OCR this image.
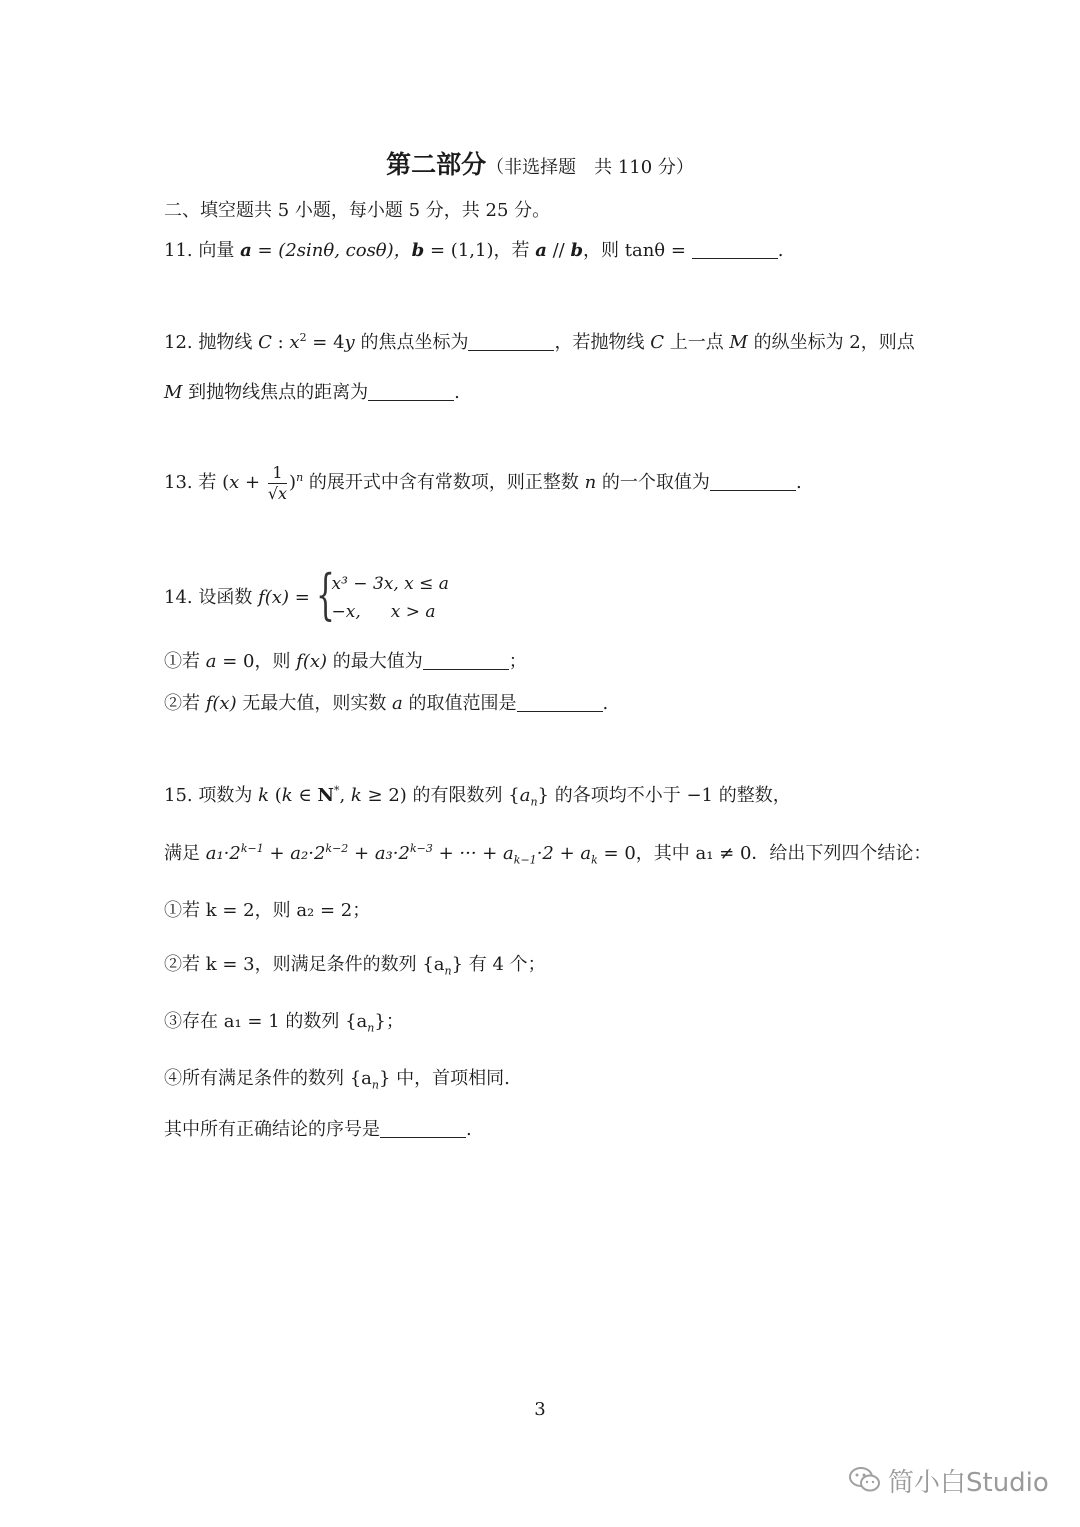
第二部分（非选择题　共 110 分）
二、填空题共 5 小题，每小题 5 分，共 25 分。
11. 向量 a = (2sinθ, cosθ)，b = (1,1)，若 a // b，则 tanθ =	.
12. 抛物线 C : $x^2 = 4y$ 的焦点坐标为	，若抛物线 C 上一点 M 的纵坐标为 2，则点
M 到抛物线焦点的距离为	.
13. 若 $(x + \frac{1}{√x} )^n$ 的展开式中含有常数项，则正整数 n 的一个取值为	.
14. 设函数 f(x) = {
x³ − 3x, x ≤ a
−x, x > a
①若 a = 0，则 f(x) 的最大值为	；
②若 f(x) 无最大值，则实数 a 的取值范围是	.
15. 项数为 k (k ∈ N*, k ≥ 2) 的有限数列 $\{a_n\}$ 的各项均不小于 −1 的整数，
满足 $a_1\cdot 2^{k-1} + a_2\cdot 2^{k-2} + a_3\cdot 2^{k-3}$ + ··· + $a_{k-1}\cdot 2 + a_k = 0$，其中 a₁ ≠ 0．给出下列四个结论：
①若 k = 2，则 a₂ = 2；
②若 k = 3，则满足条件的数列 $\{a_n\}$ 有 4 个；
③存在 a₁ = 1 的数列 $\{a_n\}$；
④所有满足条件的数列 $\{a_n\}$ 中，首项相同.
其中所有正确结论的序号是	.
3
简小白Studio
